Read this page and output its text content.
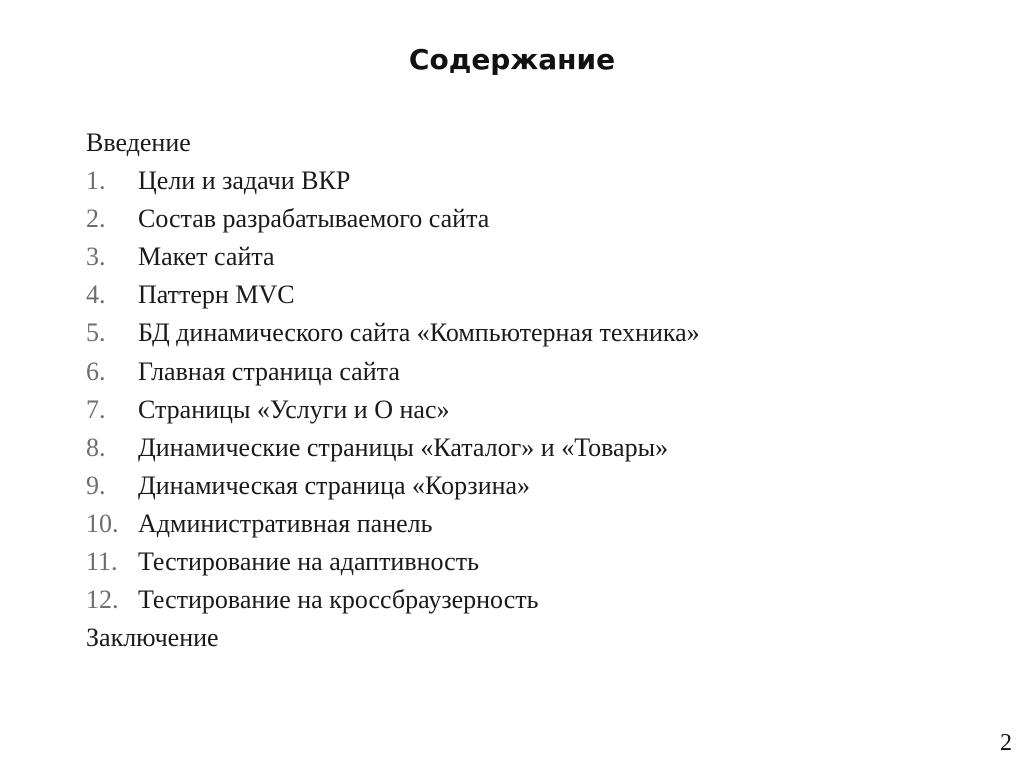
Содержание
Введение
1.	Цели и задачи ВКР
2.	Состав разрабатываемого сайта
3.	Макет сайта
4.	Паттерн MVC
5.	БД динамического сайта «Компьютерная техника»
6.	Главная страница сайта
7.	Страницы «Услуги и О нас»
8.	Динамические страницы «Каталог» и «Товары»
9.	Динамическая страница «Корзина»
10. Административная панель
11. Тестирование на адаптивность
12. Тестирование на кроссбраузерность
Заключение
2
